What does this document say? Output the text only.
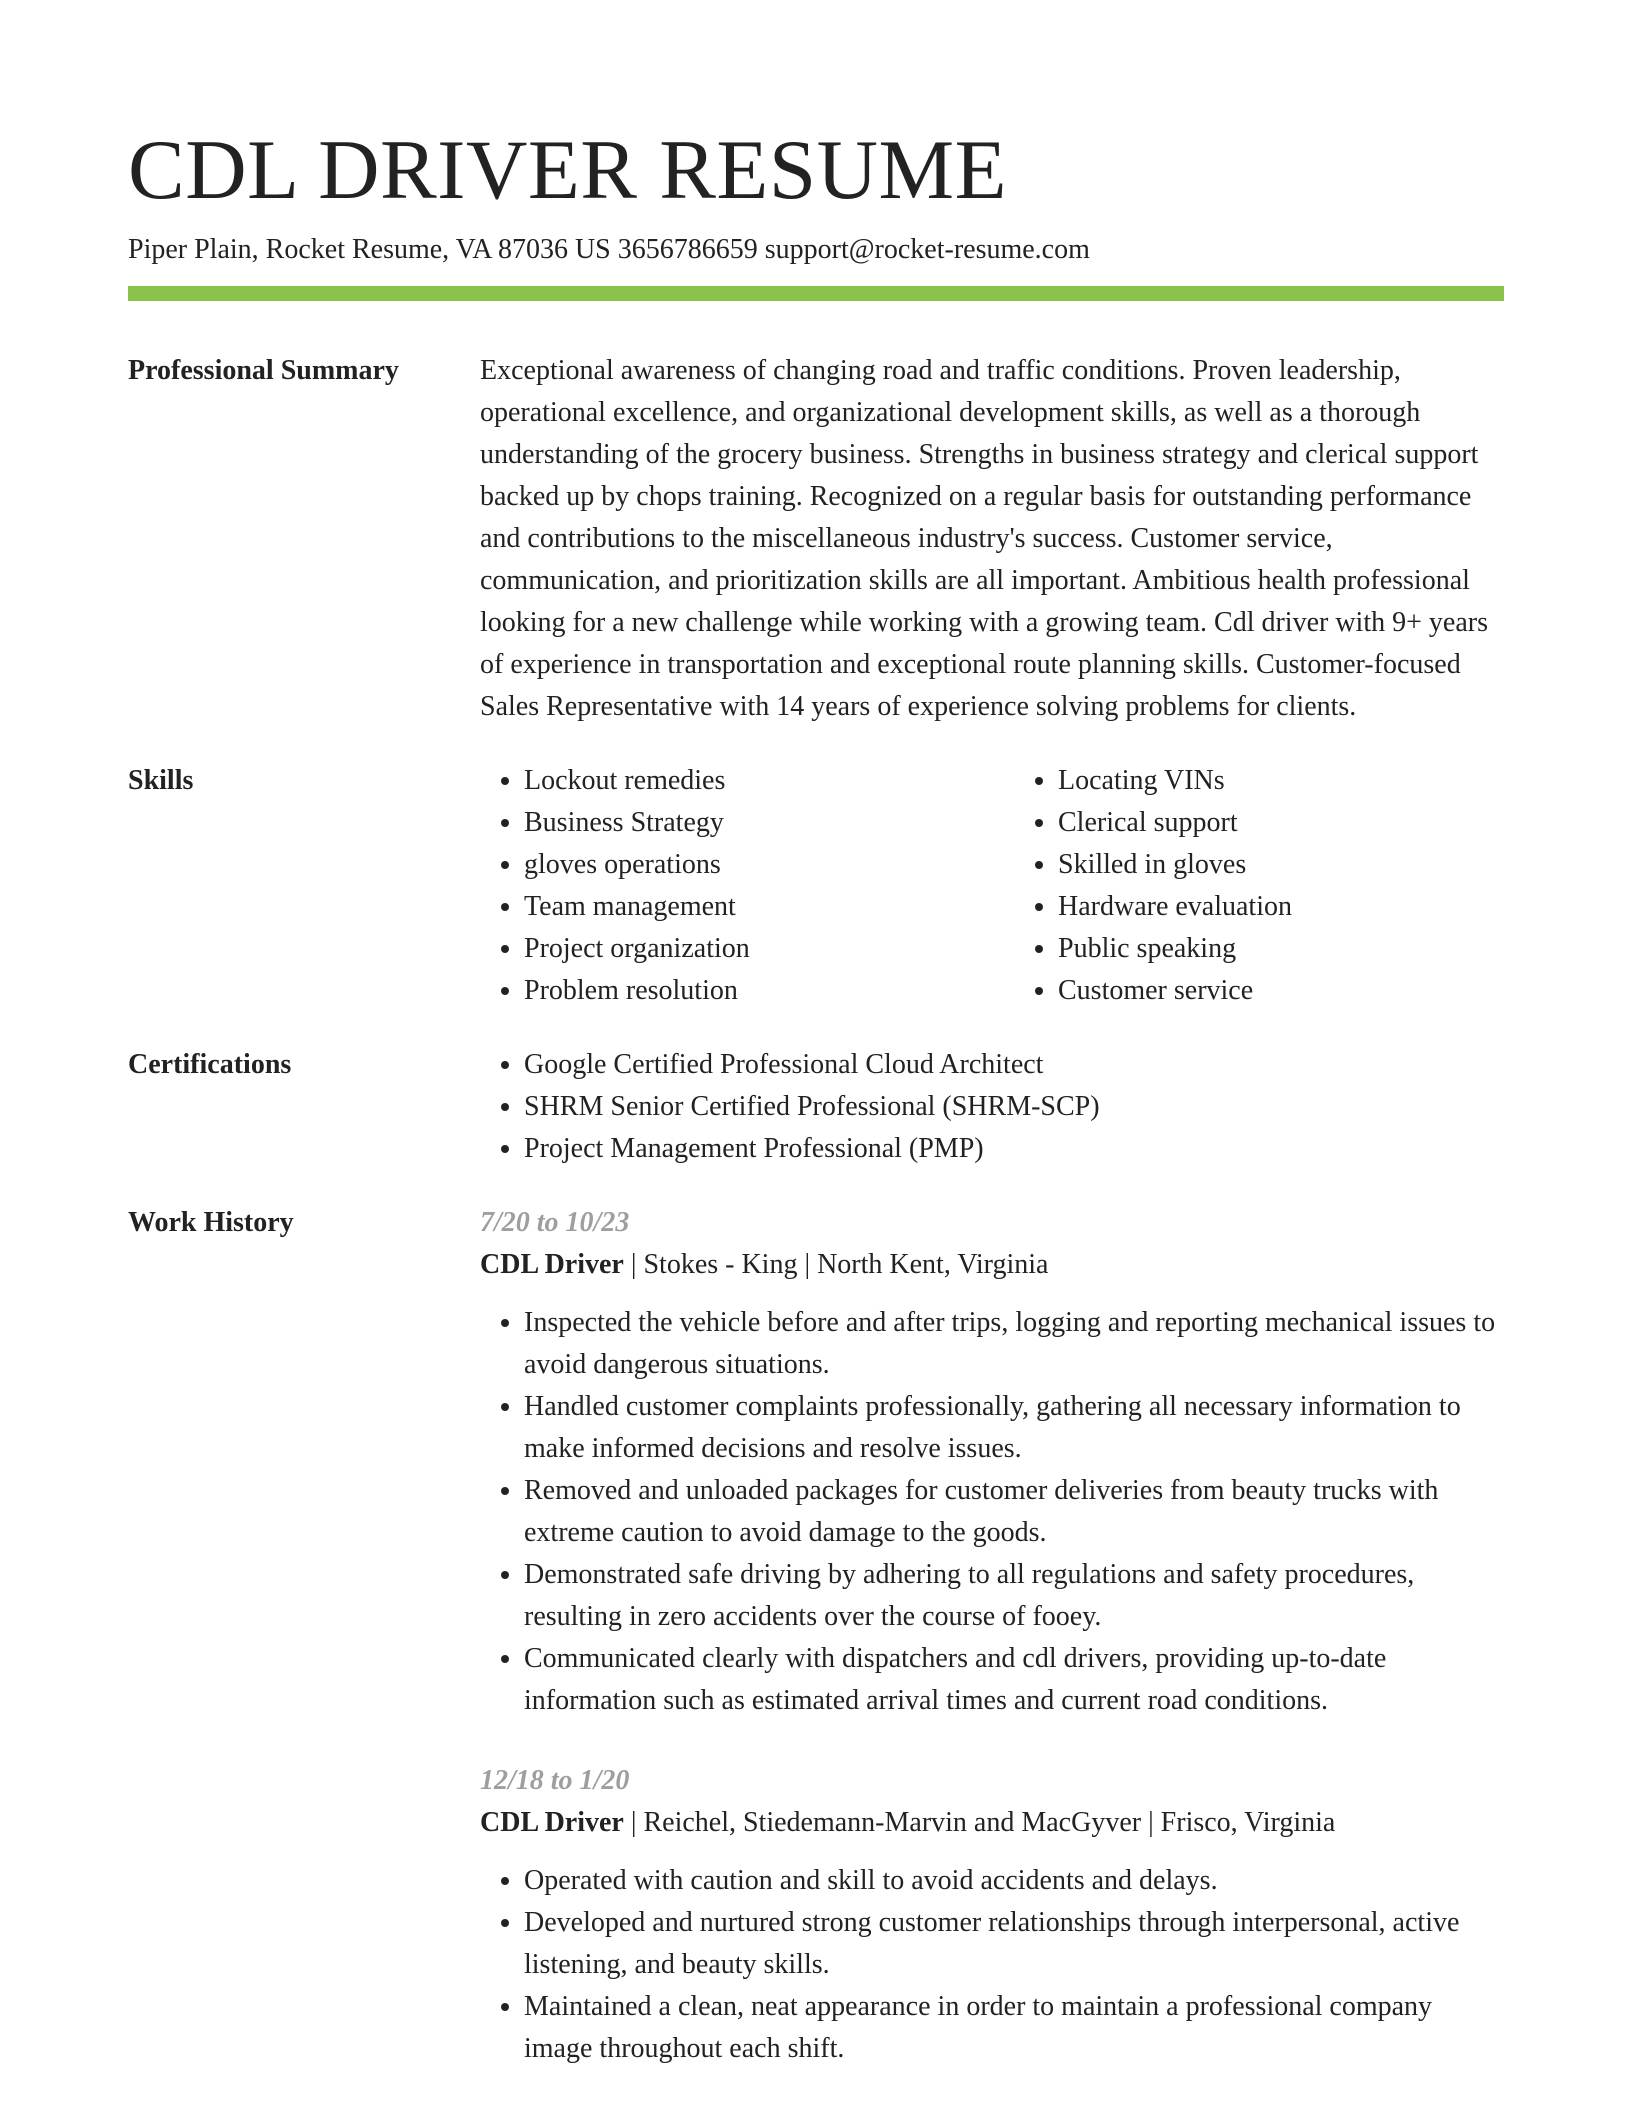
CDL DRIVER RESUME
Piper Plain, Rocket Resume, VA 87036 US 3656786659 support@rocket-resume.com
Professional Summary	Exceptional awareness of changing road and traffic conditions. Proven leadership, operational excellence, and organizational development skills, as well as a thorough understanding of the grocery business. Strengths in business strategy and clerical support backed up by chops training. Recognized on a regular basis for outstanding performance and contributions to the miscellaneous industry's success. Customer service, communication, and prioritization skills are all important. Ambitious health professional looking for a new challenge while working with a growing team. Cdl driver with 9+ years of experience in transportation and exceptional route planning skills. Customer-focused Sales Representative with 14 years of experience solving problems for clients.

Skills	• Lockout remedies
• Business Strategy
• gloves operations
• Team management
• Project organization
• Problem resolution
• Locating VINs
• Clerical support
• Skilled in gloves
• Hardware evaluation
• Public speaking
• Customer service
Certifications	• Google Certified Professional Cloud Architect
• SHRM Senior Certified Professional (SHRM-SCP)
• Project Management Professional (PMP)
Work History	7/20 to 10/23
CDL Driver | Stokes - King | North Kent, Virginia
• Inspected the vehicle before and after trips, logging and reporting mechanical issues to avoid dangerous situations.
• Handled customer complaints professionally, gathering all necessary information to make informed decisions and resolve issues.
• Removed and unloaded packages for customer deliveries from beauty trucks with extreme caution to avoid damage to the goods.
• Demonstrated safe driving by adhering to all regulations and safety procedures, resulting in zero accidents over the course of fooey.
• Communicated clearly with dispatchers and cdl drivers, providing up-to-date information such as estimated arrival times and current road conditions.
12/18 to 1/20
CDL Driver | Reichel, Stiedemann-Marvin and MacGyver | Frisco, Virginia
• Operated with caution and skill to avoid accidents and delays.
• Developed and nurtured strong customer relationships through interpersonal, active listening, and beauty skills.
• Maintained a clean, neat appearance in order to maintain a professional company image throughout each shift.
